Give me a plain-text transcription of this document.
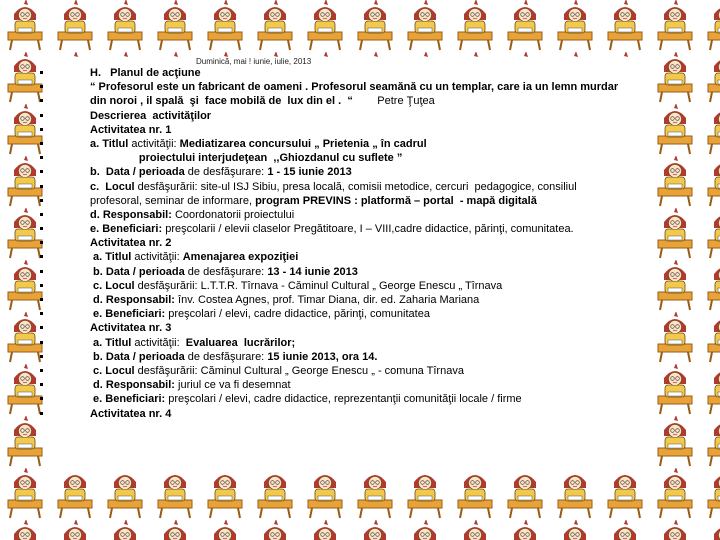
Duminică, mai ! iunie, iulie, 2013
H.   Planul de acţiune
“ Profesorul este un fabricant de oameni . Profesorul seamănă cu un templar, care ia un lemn murdar
din noroi , il spală  şi  face mobilă de  lux din el .  “        Petre Ţuţea
Descrierea  activităţilor
Activitatea nr. 1
a. Titlul activităţii: Mediatizarea concursului „ Prietenia „ în cadrul
proiectului interjudeţean  ,,Ghiozdanul cu suflete ”
b.  Data / perioada de desfăşurare: 1 - 15 iunie 2013
c.  Locul desfăşurării: site-ul ISJ Sibiu, presa locală, comisii metodice, cercuri  pedagogice, consiliul
profesoral, seminar de informare, program PREVINS : platformă – portal  - mapă digitală
d. Responsabil: Coordonatorii proiectului
e. Beneficiari: preşcolarii / elevii claselor Pregătitoare, I – VIII,cadre didactice, părinţi, comunitatea.
Activitatea nr. 2
a. Titlul activităţii: Amenajarea expoziţiei
b. Data / perioada de desfăşurare: 13 - 14 iunie 2013
c. Locul desfăşurării: L.T.T.R. Tîrnava - Căminul Cultural „ George Enescu „ Tîrnava
d. Responsabil: înv. Costea Agnes, prof. Timar Diana, dir. ed. Zaharia Mariana
e. Beneficiari: preşcolari / elevi, cadre didactice, părinţi, comunitatea
Activitatea nr. 3
a. Titlul activităţii:  Evaluarea  lucrărilor;
b. Data / perioada de desfăşurare: 15 iunie 2013, ora 14.
c. Locul desfăşurării: Căminul Cultural „ George Enescu „ - comuna Tîrnava
d. Responsabil: juriul ce va fi desemnat
e. Beneficiari: preşcolari / elevi, cadre didactice, reprezentanţii comunităţii locale / firme
Activitatea nr. 4
